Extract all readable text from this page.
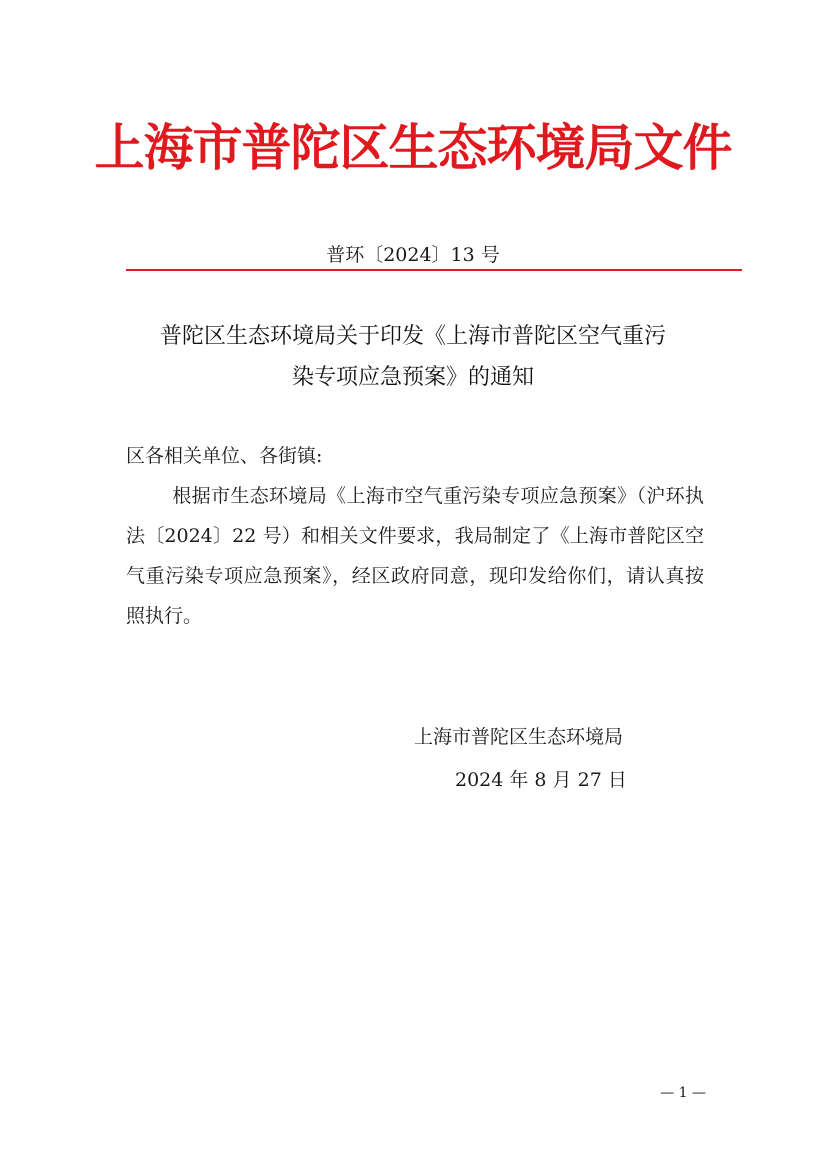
上海市普陀区生态环境局文件
普环〔2024〕13 号
普陀区生态环境局关于印发《上海市普陀区空气重污
染专项应急预案》的通知
区各相关单位、各街镇:
根据市生态环境局《上海市空气重污染专项应急预案》（沪环执法〔2024〕22 号）和相关文件要求，我局制定了《上海市普陀区空气重污染专项应急预案》，经区政府同意，现印发给你们，请认真按照执行。
上海市普陀区生态环境局
2024 年 8 月 27 日
— 1 —
